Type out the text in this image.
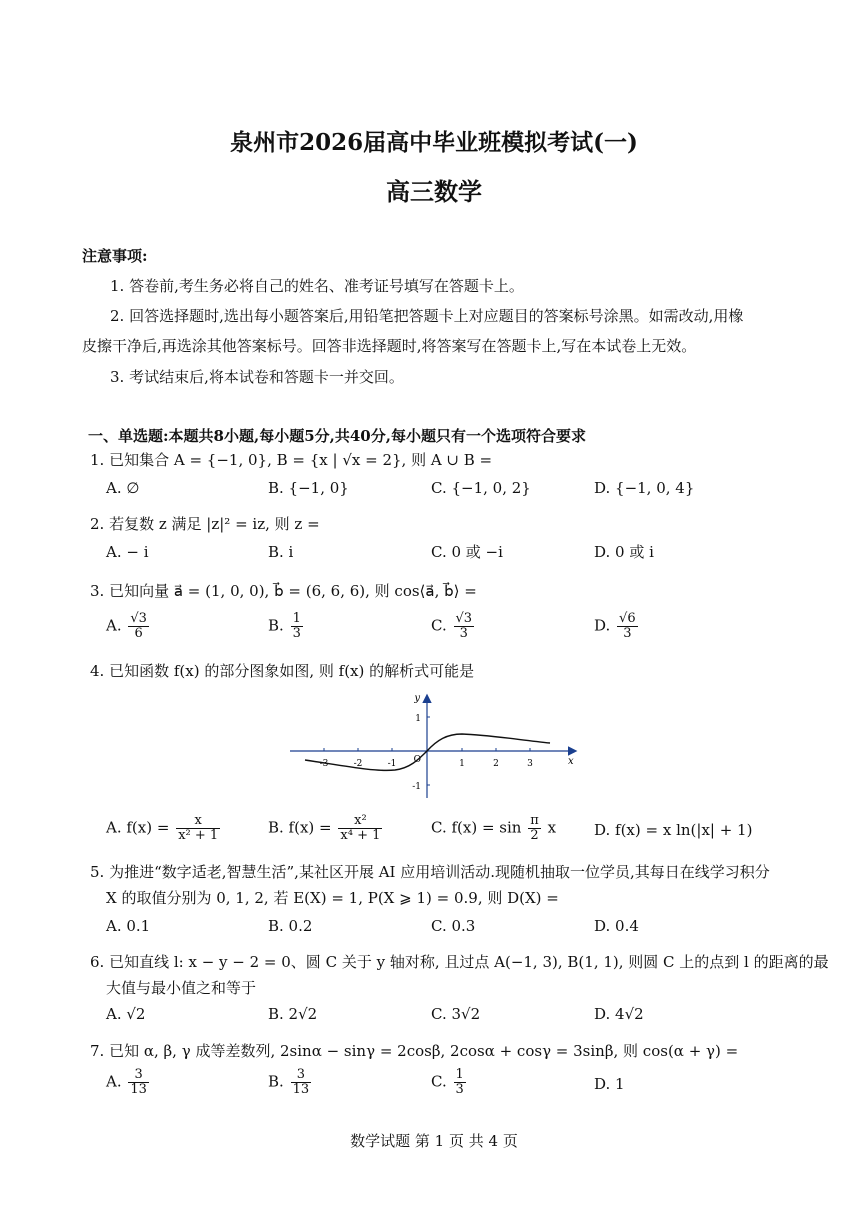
泉州市2026届高中毕业班模拟考试(一)
高三数学
注意事项:
1. 答卷前,考生务必将自己的姓名、准考证号填写在答题卡上。
2. 回答选择题时,选出每小题答案后,用铅笔把答题卡上对应题目的答案标号涂黑。如需改动,用橡
皮擦干净后,再选涂其他答案标号。回答非选择题时,将答案写在答题卡上,写在本试卷上无效。
3. 考试结束后,将本试卷和答题卡一并交回。
一、单选题:本题共8小题,每小题5分,共40分,每小题只有一个选项符合要求
1. 已知集合 A = {−1, 0}, B = {x | √x = 2}, 则 A ∪ B =
A. ∅	B. {−1, 0}	C. {−1, 0, 2}	D. {−1, 0, 4}
2. 若复数 z 满足 |z|² = iz, 则 z =
A. − i	B. i	C. 0 或 −i	D. 0 或 i
3. 已知向量 a⃗ = (1, 0, 0), b⃗ = (6, 6, 6), 则 cos⟨a⃗, b⃗⟩ =
A. $\frac{√3}{6}$	B. $\frac{1}{3}$	C. $\frac{√3}{3}$	D. $\frac{√6}{3}$
4. 已知函数 f(x) 的部分图象如图, 则 f(x) 的解析式可能是
-3	-2	-1	1	2	3
1
-1
y
x
O
A. $f(x) = \frac{x}{\text{x² + 1}}$	B. $f(x) = \frac{\text{x²}}{\text{x⁴ + 1}}$	C. $f(x) = \sin \frac{\pi}{2}$ x	D. f(x) = x ln(|x| + 1)
5. 为推进“数字适老,智慧生活”,某社区开展 AI 应用培训活动.现随机抽取一位学员,其每日在线学习积分
X 的取值分别为 0, 1, 2, 若 E(X) = 1, P(X ⩾ 1) = 0.9, 则 D(X) =
A. 0.1	B. 0.2	C. 0.3	D. 0.4
6. 已知直线 l: x − y − 2 = 0、圆 C 关于 y 轴对称, 且过点 A(−1, 3), B(1, 1), 则圆 C 上的点到 l 的距离的最
大值与最小值之和等于
A. √2	B. 2√2	C. 3√2	D. 4√2
7. 已知 α, β, γ 成等差数列, 2sinα − sinγ = 2cosβ, 2cosα + cosγ = 3sinβ, 则 cos(α + γ) =
A. $\frac{3}{13}$	B. $\frac{3}{13}$	C. $\frac{1}{3}$	D. 1
数学试题 第 1 页 共 4 页
